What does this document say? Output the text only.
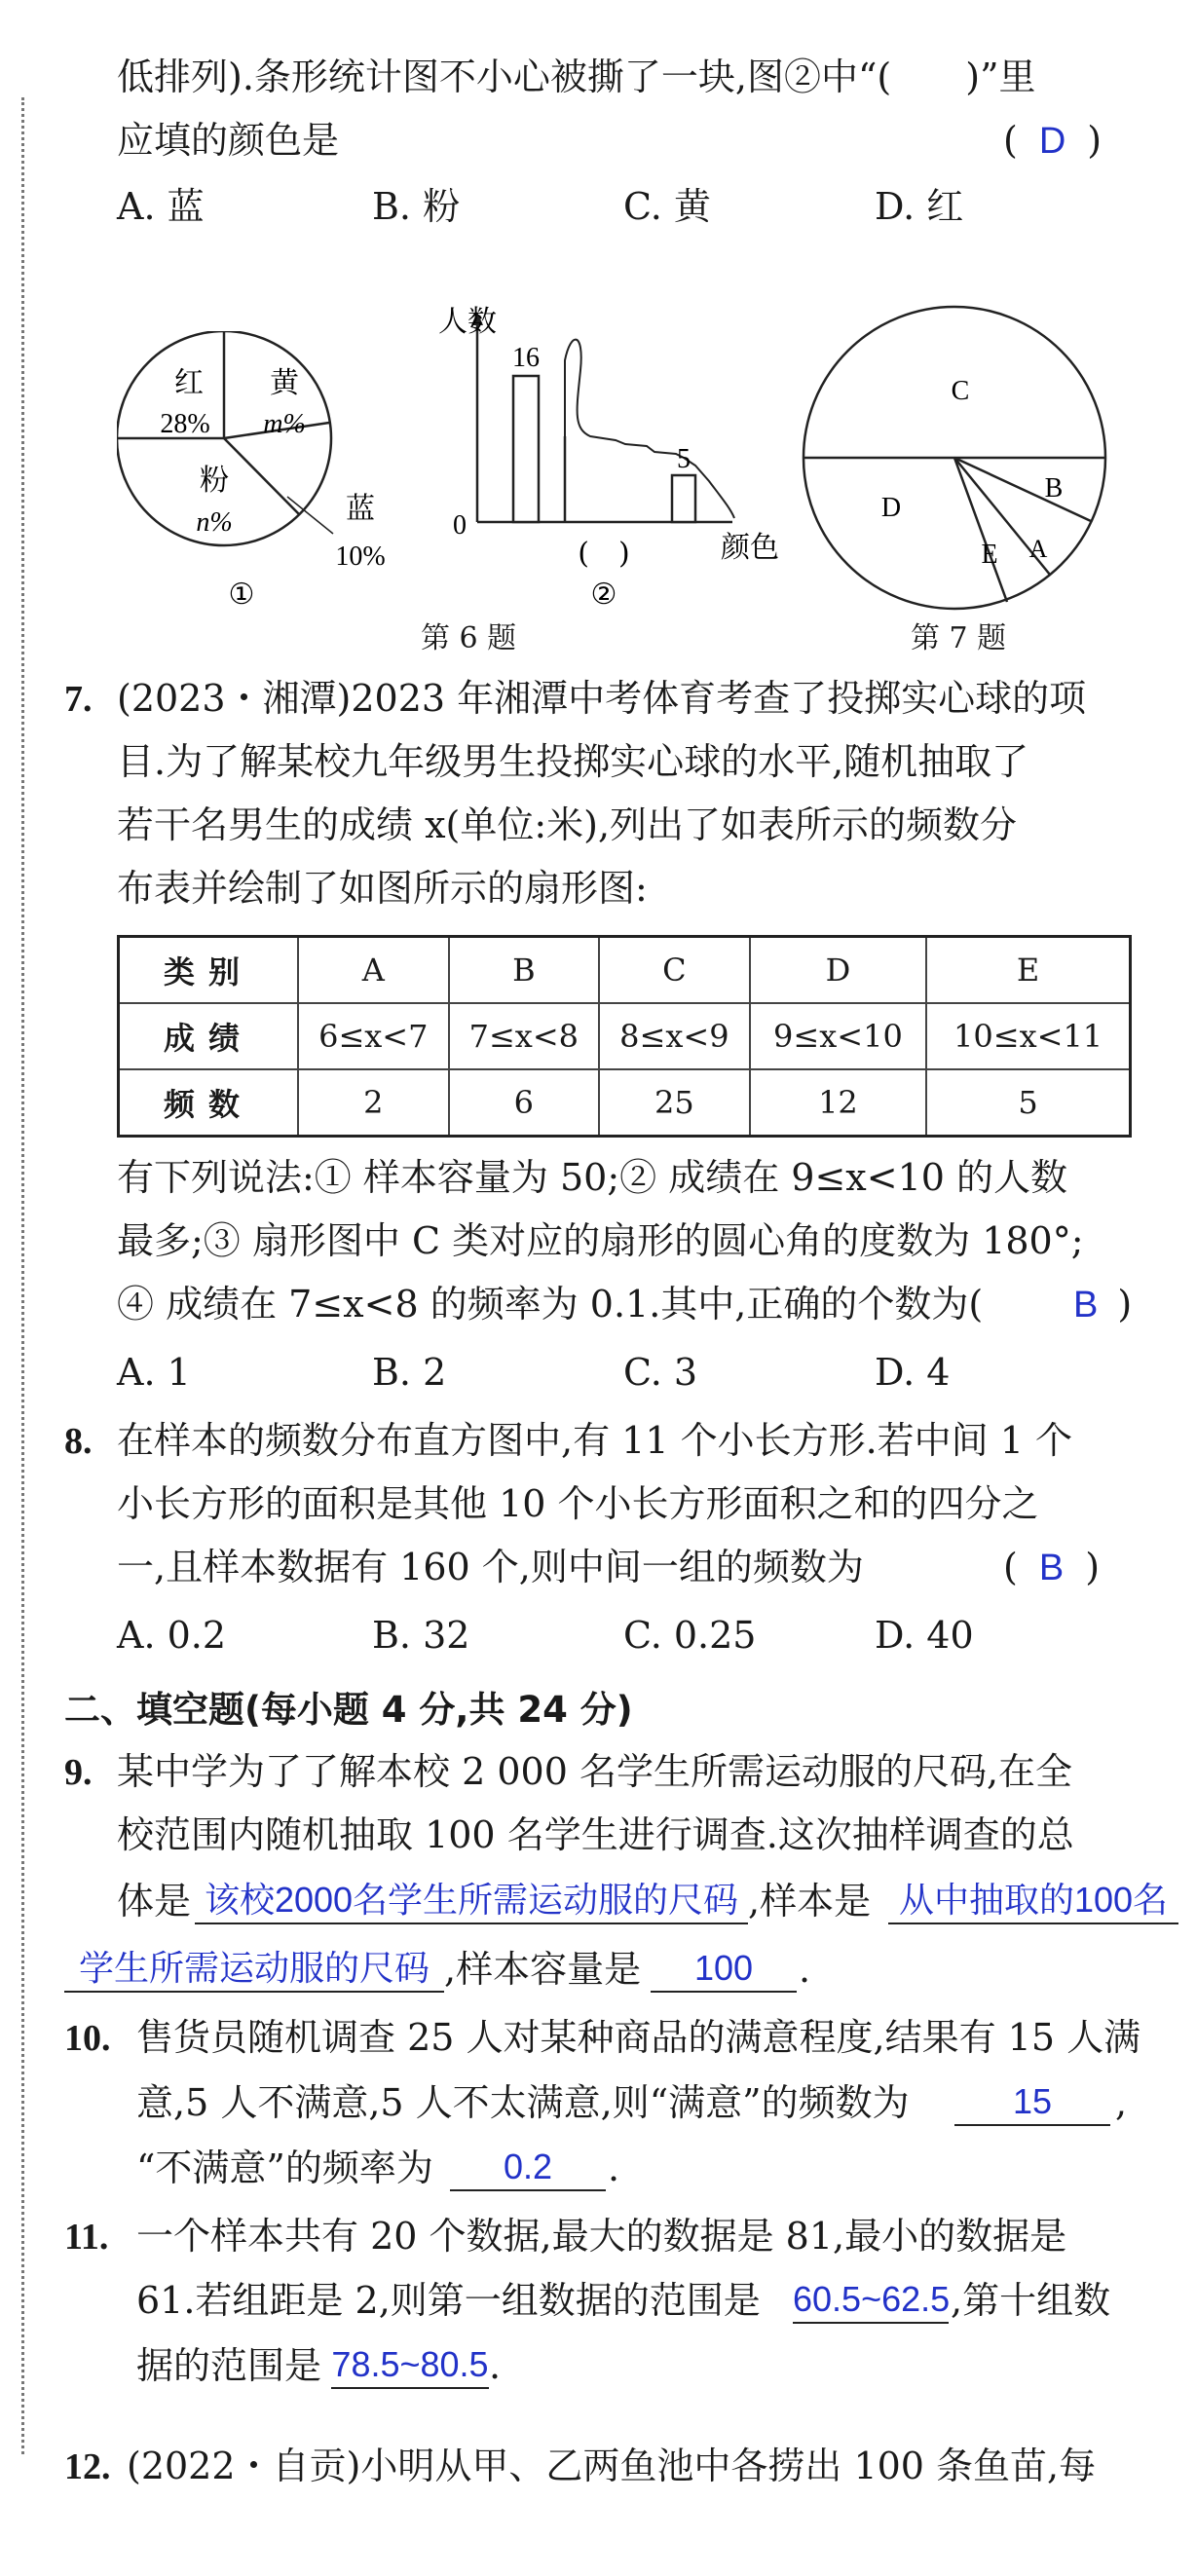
低排列).条形统计图不小心被撕了一块,图②中“(　　)”里
应填的颜色是	( D )
A. 蓝	B. 粉	C. 黄	D. 红
红
28%
黄
m%
粉
n%	蓝
10%
①
人数
0
16
5
(　)	颜色
②
第 6 题
C
B
D
E A
第 7 题
7. (2023・湘潭)2023 年湘潭中考体育考查了投掷实心球的项
目.为了解某校九年级男生投掷实心球的水平,随机抽取了
若干名男生的成绩 x(单位:米),列出了如表所示的频数分
布表并绘制了如图所示的扇形图:
类别	A	B	C	D	E
成绩	6≤x<7	7≤x<8	8≤x<9	9≤x<10	10≤x<11
频数	2	6	25	12	5
有下列说法:① 样本容量为 50;② 成绩在 9≤x<10 的人数
最多;③ 扇形图中 C 类对应的扇形的圆心角的度数为 180°;
④ 成绩在 7≤x<8 的频率为 0.1.其中,正确的个数为(	B )
A. 1	B. 2	C. 3	D. 4
8. 在样本的频数分布直方图中,有 11 个小长方形.若中间 1 个
小长方形的面积是其他 10 个小长方形面积之和的四分之
一,且样本数据有 160 个,则中间一组的频数为	( B )
A. 0.2	B. 32	C. 0.25	D. 40
二、填空题(每小题 4 分,共 24 分)
9. 某中学为了了解本校 2 000 名学生所需运动服的尺码,在全
校范围内随机抽取 100 名学生进行调查.这次抽样调查的总
体是 该校2000名学生所需运动服的尺码 ,样本是 从中抽取的100名
学生所需运动服的尺码 ,样本容量是	100	.
10. 售货员随机调查 25 人对某种商品的满意程度,结果有 15 人满
意,5 人不满意,5 人不太满意,则“满意”的频数为	15	,
“不满意”的频率为	0.2	.
11. 一个样本共有 20 个数据,最大的数据是 81,最小的数据是
61.若组距是 2,则第一组数据的范围是 60.5~62.5 ,第十组数
据的范围是 78.5~80.5 .
12. (2022・自贡)小明从甲、乙两鱼池中各捞出 100 条鱼苗,每
